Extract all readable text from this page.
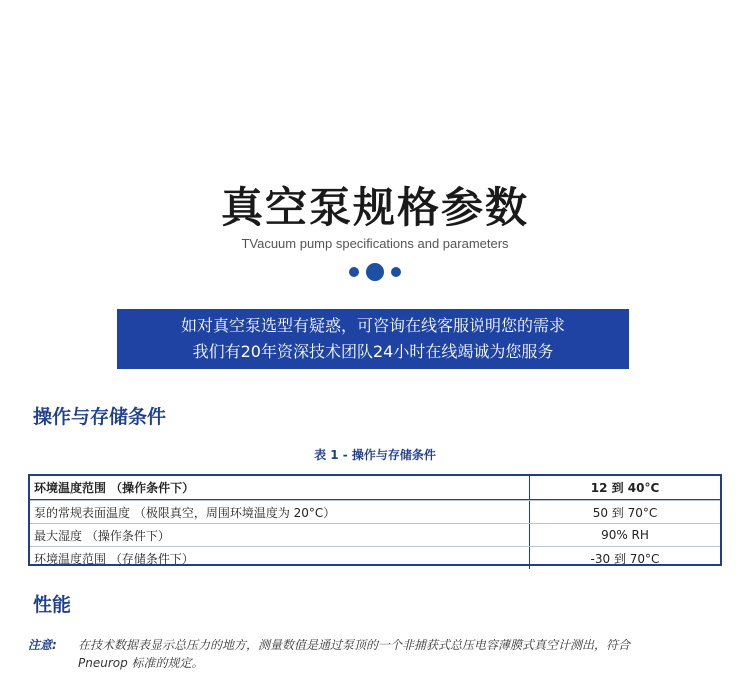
真空泵规格参数
TVacuum pump specifications and parameters
如对真空泵选型有疑惑，可咨询在线客服说明您的需求
我们有20年资深技术团队24小时在线竭诚为您服务
操作与存储条件
表 1 - 操作与存储条件
环境温度范围 （操作条件下）	12 到 40°C
泵的常规表面温度 （极限真空，周围环境温度为 20°C）	50 到 70°C
最大湿度 （操作条件下）	90% RH
环境温度范围 （存储条件下）	-30 到 70°C
性能
注意: 在技术数据表显示总压力的地方，测量数值是通过泵顶的一个非捕获式总压电容薄膜式真空计测出，符合
Pneurop 标准的规定。
